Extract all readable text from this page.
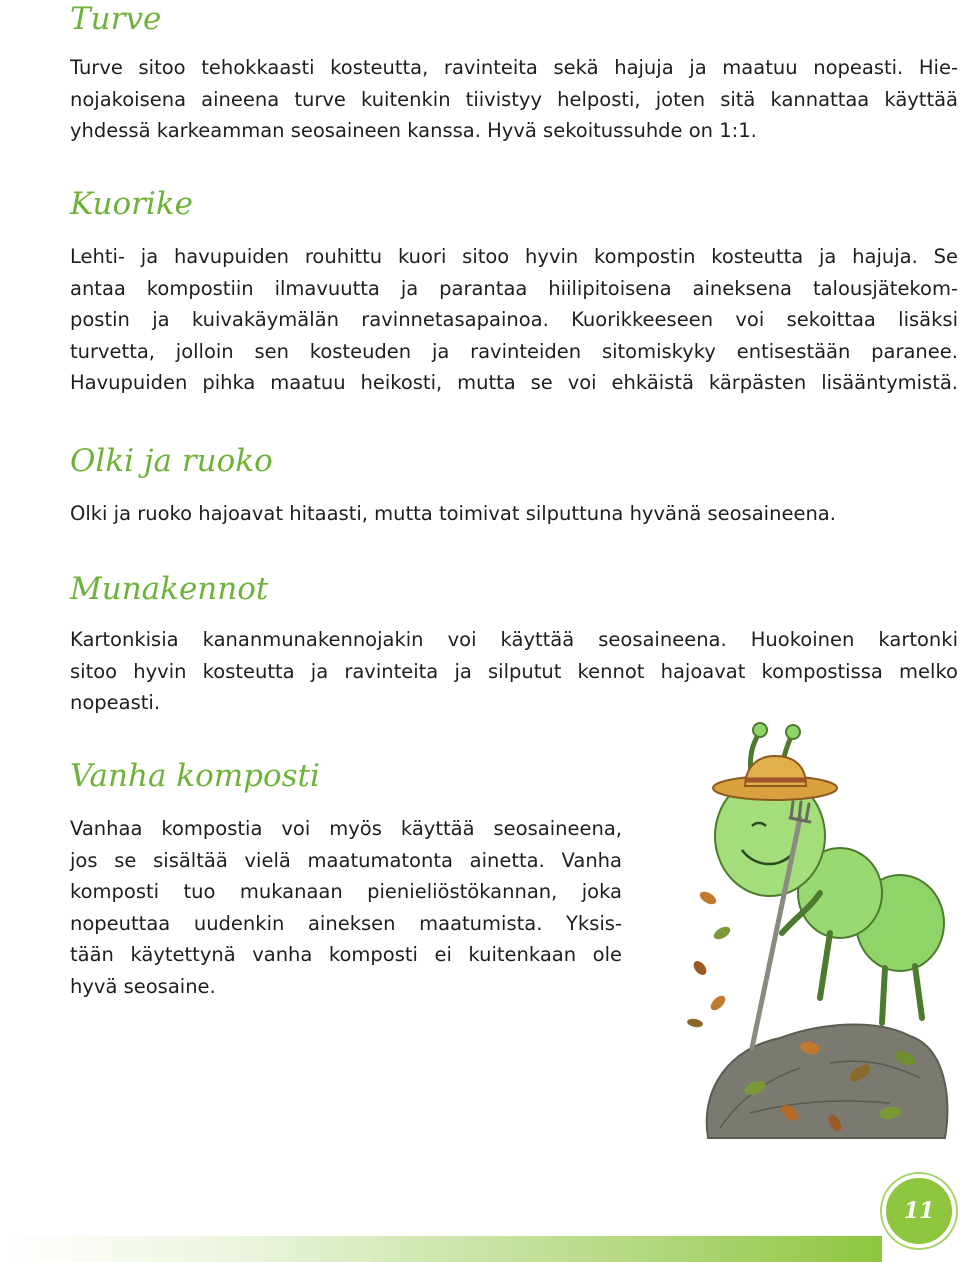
Turve

Turve sitoo tehokkaasti kosteutta, ravinteita sekä hajuja ja maatuu nopeasti. Hie-
nojakoisena aineena turve kuitenkin tiivistyy helposti, joten sitä kannattaa käyttää
yhdessä karkeamman seosaineen kanssa. Hyvä sekoitussuhde on 1:1.

Kuorike

Lehti- ja havupuiden rouhittu kuori sitoo hyvin kompostin kosteutta ja hajuja. Se
antaa kompostiin ilmavuutta ja parantaa hiilipitoisena aineksena talousjätekom-
postin ja kuivakäymälän ravinnetasapainoa. Kuorikkeeseen voi sekoittaa lisäksi
turvetta, jolloin sen kosteuden ja ravinteiden sitomiskyky entisestään paranee.
Havupuiden pihka maatuu heikosti, mutta se voi ehkäistä kärpästen lisääntymistä.

Olki ja ruoko

Olki ja ruoko hajoavat hitaasti, mutta toimivat silputtuna hyvänä seosaineena.

Munakennot

Kartonkisia kananmunakennojakin voi käyttää seosaineena. Huokoinen kartonki
sitoo hyvin kosteutta ja ravinteita ja silputut kennot hajoavat kompostissa melko
nopeasti.

Vanha komposti

Vanhaa kompostia voi myös käyttää seosaineena,
jos se sisältää vielä maatumatonta ainetta. Vanha
komposti tuo mukanaan pienieliöstökannan, joka
nopeuttaa uudenkin aineksen maatumista. Yksis-
tään käytettynä vanha komposti ei kuitenkaan ole
hyvä seosaine.

11
